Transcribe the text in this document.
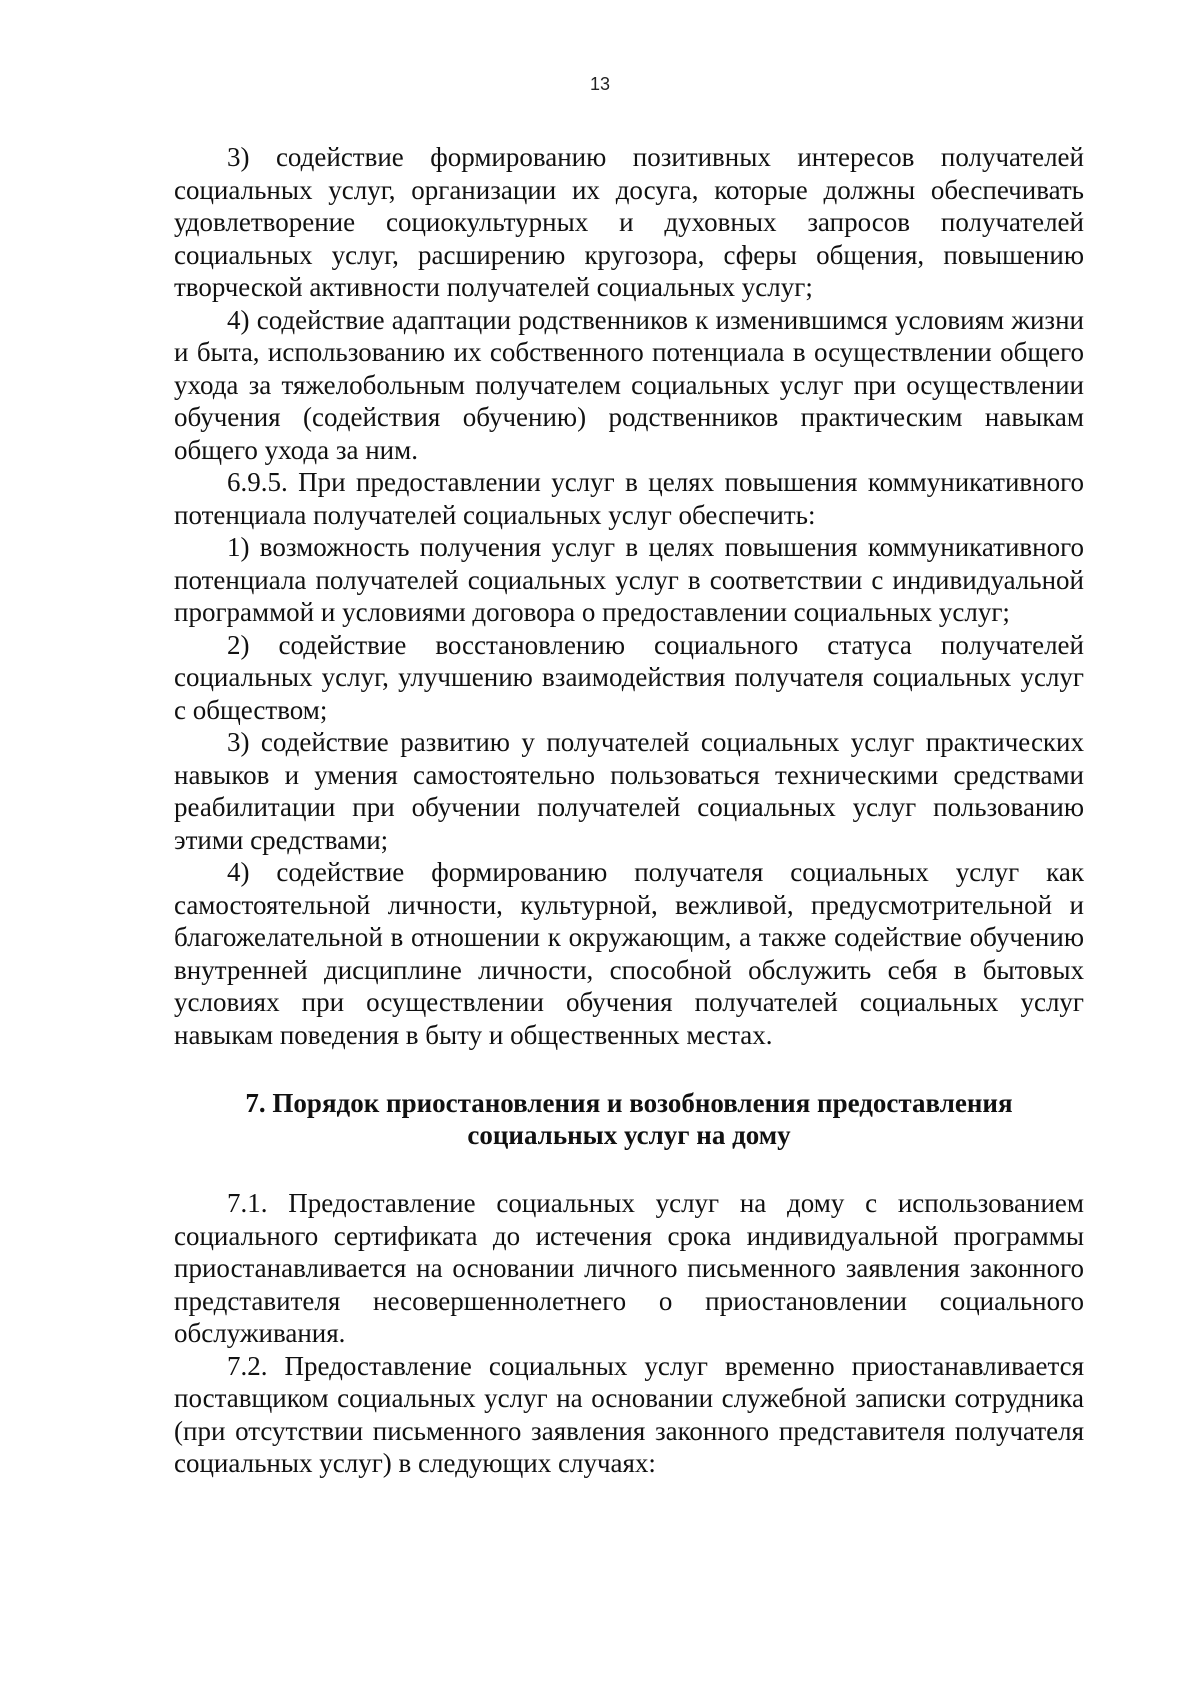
13

3) содействие формированию позитивных интересов получателей социальных услуг, организации их досуга, которые должны обеспечивать удовлетворение социокультурных и духовных запросов получателей социальных услуг, расширению кругозора, сферы общения, повышению творческой активности получателей социальных услуг;

4) содействие адаптации родственников к изменившимся условиям жизни и быта, использованию их собственного потенциала в осуществлении общего ухода за тяжелобольным получателем социальных услуг при осуществлении обучения (содействия обучению) родственников практическим навыкам общего ухода за ним.

6.9.5. При предоставлении услуг в целях повышения коммуникативного потенциала получателей социальных услуг обеспечить:

1) возможность получения услуг в целях повышения коммуникативного потенциала получателей социальных услуг в соответствии с индивидуальной программой и условиями договора о предоставлении социальных услуг;

2) содействие восстановлению социального статуса получателей социальных услуг, улучшению взаимодействия получателя социальных услуг с обществом;

3) содействие развитию у получателей социальных услуг практических навыков и умения самостоятельно пользоваться техническими средствами реабилитации при обучении получателей социальных услуг пользованию этими средствами;

4) содействие формированию получателя социальных услуг как самостоятельной личности, культурной, вежливой, предусмотрительной и благожелательной в отношении к окружающим, а также содействие обучению внутренней дисциплине личности, способной обслужить себя в бытовых условиях при осуществлении обучения получателей социальных услуг навыкам поведения в быту и общественных местах.

7. Порядок приостановления и возобновления предоставления
социальных услуг на дому

7.1. Предоставление социальных услуг на дому с использованием социального сертификата до истечения срока индивидуальной программы приостанавливается на основании личного письменного заявления законного представителя несовершеннолетнего о приостановлении социального обслуживания.

7.2. Предоставление социальных услуг временно приостанавливается поставщиком социальных услуг на основании служебной записки сотрудника (при отсутствии письменного заявления законного представителя получателя социальных услуг) в следующих случаях:
